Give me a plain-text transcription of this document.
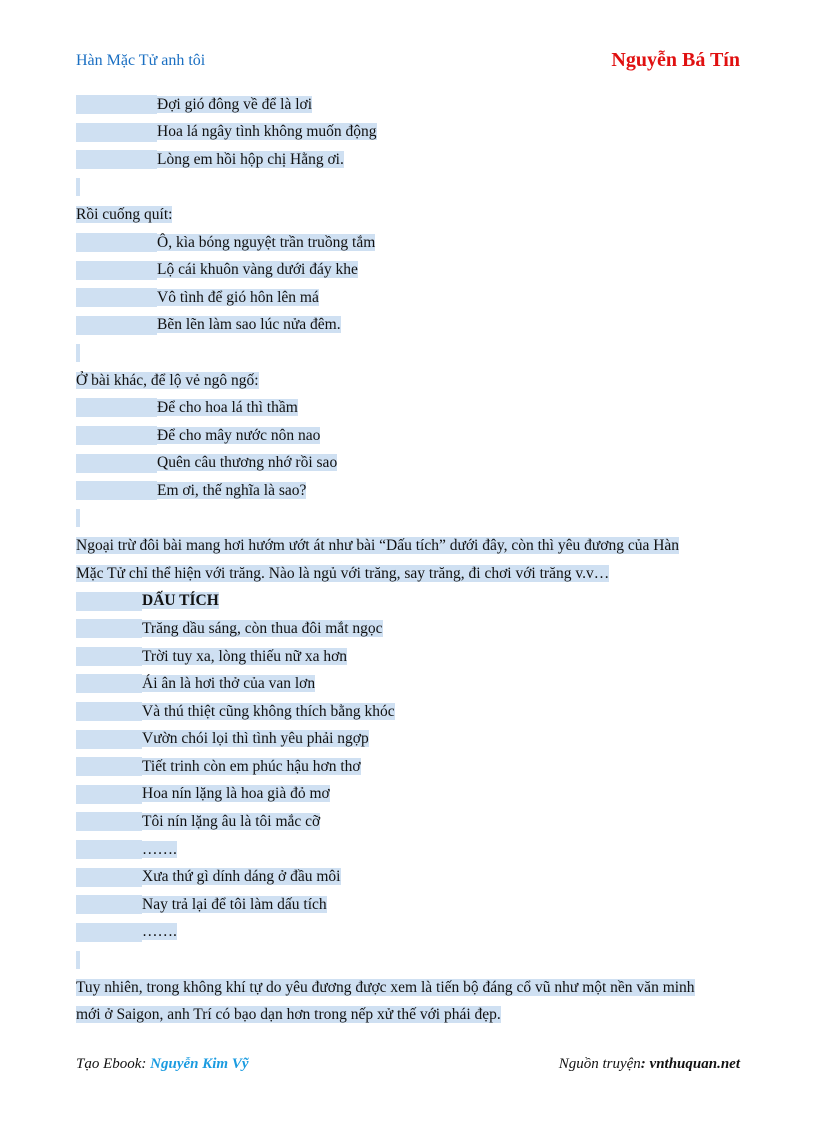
Hàn Mặc Tử anh tôi	Nguyễn Bá Tín
Đợi gió đông về để là lơi
Hoa lá ngây tình không muốn động
Lòng em hồi hộp chị Hằng ơi.
Rồi cuống quít:
Ô, kìa bóng nguyệt trần truồng tắm
Lộ cái khuôn vàng dưới đáy khe
Vô tình để gió hôn lên má
Bẽn lẽn làm sao lúc nửa đêm.
Ở bài khác, để lộ vẻ ngô ngố:
Để cho hoa lá thì thầm
Để cho mây nước nôn nao
Quên câu thương nhớ rồi sao
Em ơi, thế nghĩa là sao?
Ngoại trừ đôi bài mang hơi hướm ướt át như bài “Dấu tích” dưới đây, còn thì yêu đương của Hàn
Mặc Tử chỉ thể hiện với trăng. Nào là ngủ với trăng, say trăng, đi chơi với trăng v.v…
DẤU TÍCH
Trăng dầu sáng, còn thua đôi mắt ngọc
Trời tuy xa, lòng thiếu nữ xa hơn
Ái ân là hơi thở của van lơn
Và thú thiệt cũng không thích bằng khóc
Vườn chói lọi thì tình yêu phải ngợp
Tiết trinh còn em phúc hậu hơn thơ
Hoa nín lặng là hoa già đỏ mơ
Tôi nín lặng âu là tôi mắc cỡ
…….
Xưa thứ gì dính dáng ở đầu môi
Nay trả lại để tôi làm dấu tích
…….
Tuy nhiên, trong không khí tự do yêu đương được xem là tiến bộ đáng cổ vũ như một nền văn minh
mới ở Saigon, anh Trí có bạo dạn hơn trong nếp xử thế với phái đẹp.
Tạo Ebook: Nguyễn Kim Vỹ	Nguồn truyện: vnthuquan.net
